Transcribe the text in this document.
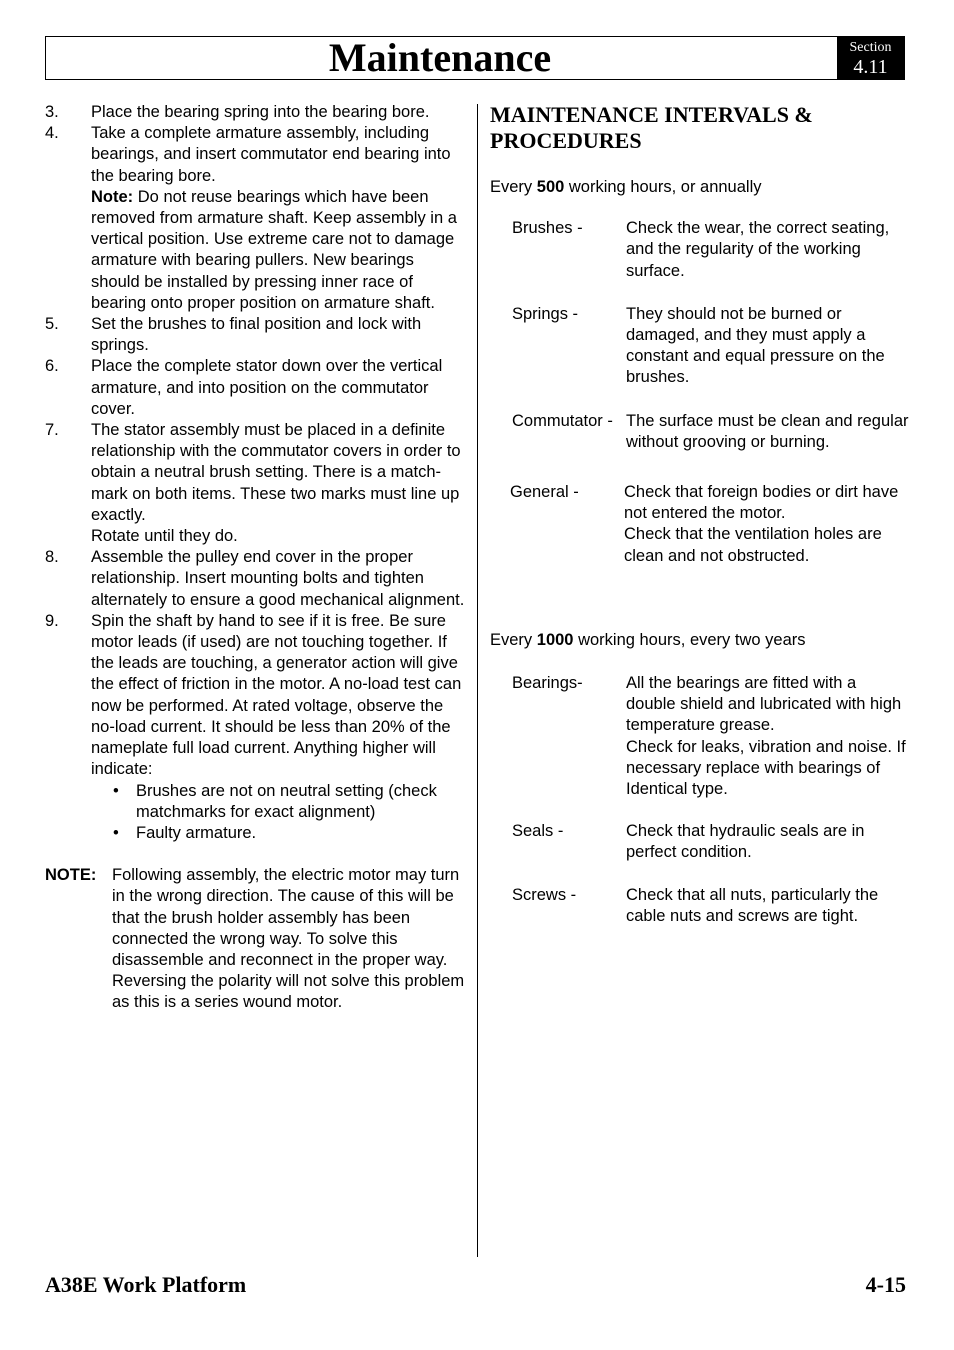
Maintenance	Section
4.11
3. Place the bearing spring into the bearing bore.
4. Take a complete armature assembly, including bearings, and insert commutator end bearing into the bearing bore.
Note: Do not reuse bearings which have been removed from armature shaft. Keep assembly in a vertical position. Use extreme care not to damage armature with bearing pullers. New bearings should be installed by pressing inner race of bearing onto proper position on armature shaft.
5. Set the brushes to final position and lock with springs.
6. Place the complete stator down over the vertical armature, and into position on the commutator cover.
7. The stator assembly must be placed in a definite relationship with the commutator covers in order to obtain a neutral brush setting. There is a match-mark on both items. These two marks must line up exactly.
Rotate until they do.
8. Assemble the pulley end cover in the proper relationship. Insert mounting bolts and tighten alternately to ensure a good mechanical alignment.
9. Spin the shaft by hand to see if it is free. Be sure motor leads (if used) are not touching together. If the leads are touching, a generator action will give the effect of friction in the motor. A no-load test can now be performed. At rated voltage, observe the no-load current. It should be less than 20% of the nameplate full load current. Anything higher will indicate:
• Brushes are not on neutral setting (check matchmarks for exact alignment)
• Faulty armature.
NOTE: Following assembly, the electric motor may turn in the wrong direction. The cause of this will be that the brush holder assembly has been connected the wrong way. To solve this disassemble and reconnect in the proper way. Reversing the polarity will not solve this problem as this is a series wound motor.
MAINTENANCE INTERVALS &
PROCEDURES

Every 500 working hours, or annually

Brushes -	Check the wear, the correct seating, and the regularity of the working surface.
Springs -	They should not be burned or damaged, and they must apply a constant and equal pressure on the brushes.
Commutator - The surface must be clean and regular without grooving or burning.
General -	Check that foreign bodies or dirt have not entered the motor.
Check that the ventilation holes are clean and not obstructed.

Every 1000 working hours, every two years

Bearings-	All the bearings are fitted with a double shield and lubricated with high temperature grease.
Check for leaks, vibration and noise. If necessary replace with bearings of Identical type.
Seals -	Check that hydraulic seals are in perfect condition.
Screws -	Check that all nuts, particularly the cable nuts and screws are tight.
A38E Work Platform	4-15
